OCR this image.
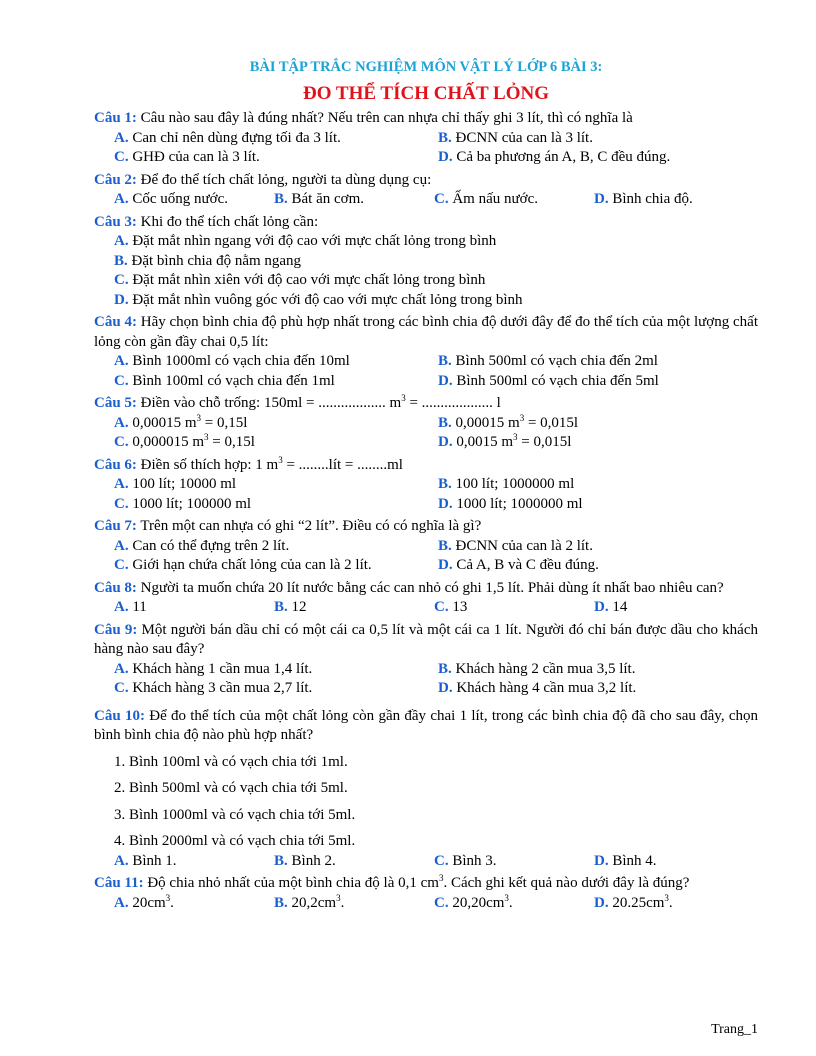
BÀI TẬP TRẮC NGHIỆM MÔN VẬT LÝ LỚP 6 BÀI 3:
ĐO THỂ TÍCH CHẤT LỎNG
Câu 1: Câu nào sau đây là đúng nhất? Nếu trên can nhựa chỉ thấy ghi 3 lít, thì có nghĩa là
A. Can chỉ nên dùng đựng tối đa 3 lít.	B. ĐCNN của can là 3 lít.
C. GHĐ của can là 3 lít.	D. Cả ba phương án A, B, C đều đúng.
Câu 2: Để đo thể tích chất lỏng, người ta dùng dụng cụ:
A. Cốc uống nước.	B. Bát ăn cơm.	C. Ấm nấu nước.	D. Bình chia độ.
Câu 3: Khi đo thể tích chất lỏng cần:
A. Đặt mắt nhìn ngang với độ cao với mực chất lỏng trong bình
B. Đặt bình chia độ nằm ngang
C. Đặt mắt nhìn xiên với độ cao với mực chất lỏng trong bình
D. Đặt mắt nhìn vuông góc với độ cao với mực chất lỏng trong bình
Câu 4: Hãy chọn bình chia độ phù hợp nhất trong các bình chia độ dưới đây để đo thể tích của một lượng chất lỏng còn gần đầy chai 0,5 lít:
A. Bình 1000ml có vạch chia đến 10ml	B. Bình 500ml có vạch chia đến 2ml
C. Bình 100ml có vạch chia đến 1ml	D. Bình 500ml có vạch chia đến 5ml
Câu 5: Điền vào chỗ trống: 150ml = .................. $m^3$ = ................... l
A. 0,00015 $m^3 = 0,15l$	B. 0,00015 $m^3 = 0,015l$
C. 0,000015 $m^3 = 0,15l$	D. 0,0015 $m^3 = 0,015l$
Câu 6: Điền số thích hợp: 1 $m^3$ = ........lít = ........ml
A. 100 lít; 10000 ml	B. 100 lít; 1000000 ml
C. 1000 lít; 100000 ml	D. 1000 lít; 1000000 ml
Câu 7: Trên một can nhựa có ghi “2 lít”. Điều có có nghĩa là gì?
A. Can có thể đựng trên 2 lít.	B. ĐCNN của can là 2 lít.
C. Giới hạn chứa chất lỏng của can là 2 lít.	D. Cả A, B và C đều đúng.
Câu 8: Người ta muốn chứa 20 lít nước bằng các can nhỏ có ghi 1,5 lít. Phải dùng ít nhất bao nhiêu can?
A. 11	B. 12	C. 13	D. 14
Câu 9: Một người bán dầu chỉ có một cái ca 0,5 lít và một cái ca 1 lít. Người đó chỉ bán được dầu cho khách hàng nào sau đây?
A. Khách hàng 1 cần mua 1,4 lít.	B. Khách hàng 2 cần mua 3,5 lít.
C. Khách hàng 3 cần mua 2,7 lít.	D. Khách hàng 4 cần mua 3,2 lít.
Câu 10: Để đo thể tích của một chất lỏng còn gần đầy chai 1 lít, trong các bình chia độ đã cho sau đây, chọn bình bình chia độ nào phù hợp nhất?
1. Bình 100ml và có vạch chia tới 1ml.
2. Bình 500ml và có vạch chia tới 5ml.
3. Bình 1000ml và có vạch chia tới 5ml.
4. Bình 2000ml và có vạch chia tới 5ml.
A. Bình 1.	B. Bình 2.	C. Bình 3.	D. Bình 4.
Câu 11: Độ chia nhỏ nhất của một bình chia độ là 0,1 $cm^3$. Cách ghi kết quả nào dưới đây là đúng?
A. $20cm^3$.	B. $20,2cm^3$.	C. $20,20cm^3$.	D. $20.25cm^3$.
Trang_1
